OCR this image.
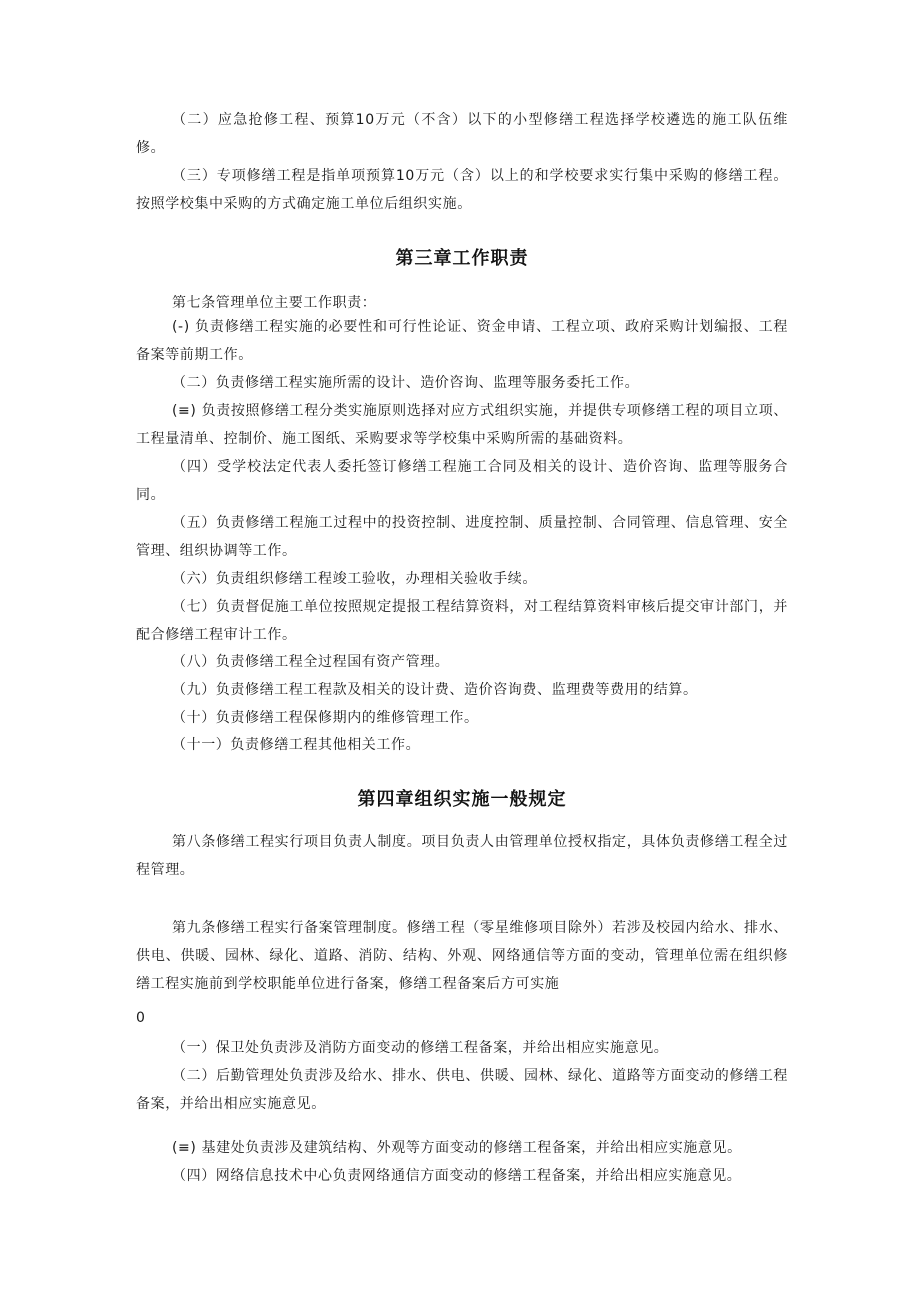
（二）应急抢修工程、预算10万元（不含）以下的小型修缮工程选择学校遴选的施工队伍维修。

（三）专项修缮工程是指单项预算10万元（含）以上的和学校要求实行集中采购的修缮工程。按照学校集中采购的方式确定施工单位后组织实施。

第三章工作职责

第七条管理单位主要工作职责：

(-) 负责修缮工程实施的必要性和可行性论证、资金申请、工程立项、政府采购计划编报、工程备案等前期工作。

（二）负责修缮工程实施所需的设计、造价咨询、监理等服务委托工作。

(≡) 负责按照修缮工程分类实施原则选择对应方式组织实施，并提供专项修缮工程的项目立项、工程量清单、控制价、施工图纸、采购要求等学校集中采购所需的基础资料。

（四）受学校法定代表人委托签订修缮工程施工合同及相关的设计、造价咨询、监理等服务合同。

（五）负责修缮工程施工过程中的投资控制、进度控制、质量控制、合同管理、信息管理、安全管理、组织协调等工作。

（六）负责组织修缮工程竣工验收，办理相关验收手续。

（七）负责督促施工单位按照规定提报工程结算资料，对工程结算资料审核后提交审计部门，并配合修缮工程审计工作。

（八）负责修缮工程全过程国有资产管理。

（九）负责修缮工程工程款及相关的设计费、造价咨询费、监理费等费用的结算。

（十）负责修缮工程保修期内的维修管理工作。

（十一）负责修缮工程其他相关工作。

第四章组织实施一般规定

第八条修缮工程实行项目负责人制度。项目负责人由管理单位授权指定，具体负责修缮工程全过程管理。

第九条修缮工程实行备案管理制度。修缮工程（零星维修项目除外）若涉及校园内给水、排水、供电、供暖、园林、绿化、道路、消防、结构、外观、网络通信等方面的变动，管理单位需在组织修缮工程实施前到学校职能单位进行备案，修缮工程备案后方可实施

0

（一）保卫处负责涉及消防方面变动的修缮工程备案，并给出相应实施意见。

（二）后勤管理处负责涉及给水、排水、供电、供暖、园林、绿化、道路等方面变动的修缮工程备案，并给出相应实施意见。

(≡) 基建处负责涉及建筑结构、外观等方面变动的修缮工程备案，并给出相应实施意见。

（四）网络信息技术中心负责网络通信方面变动的修缮工程备案，并给出相应实施意见。
